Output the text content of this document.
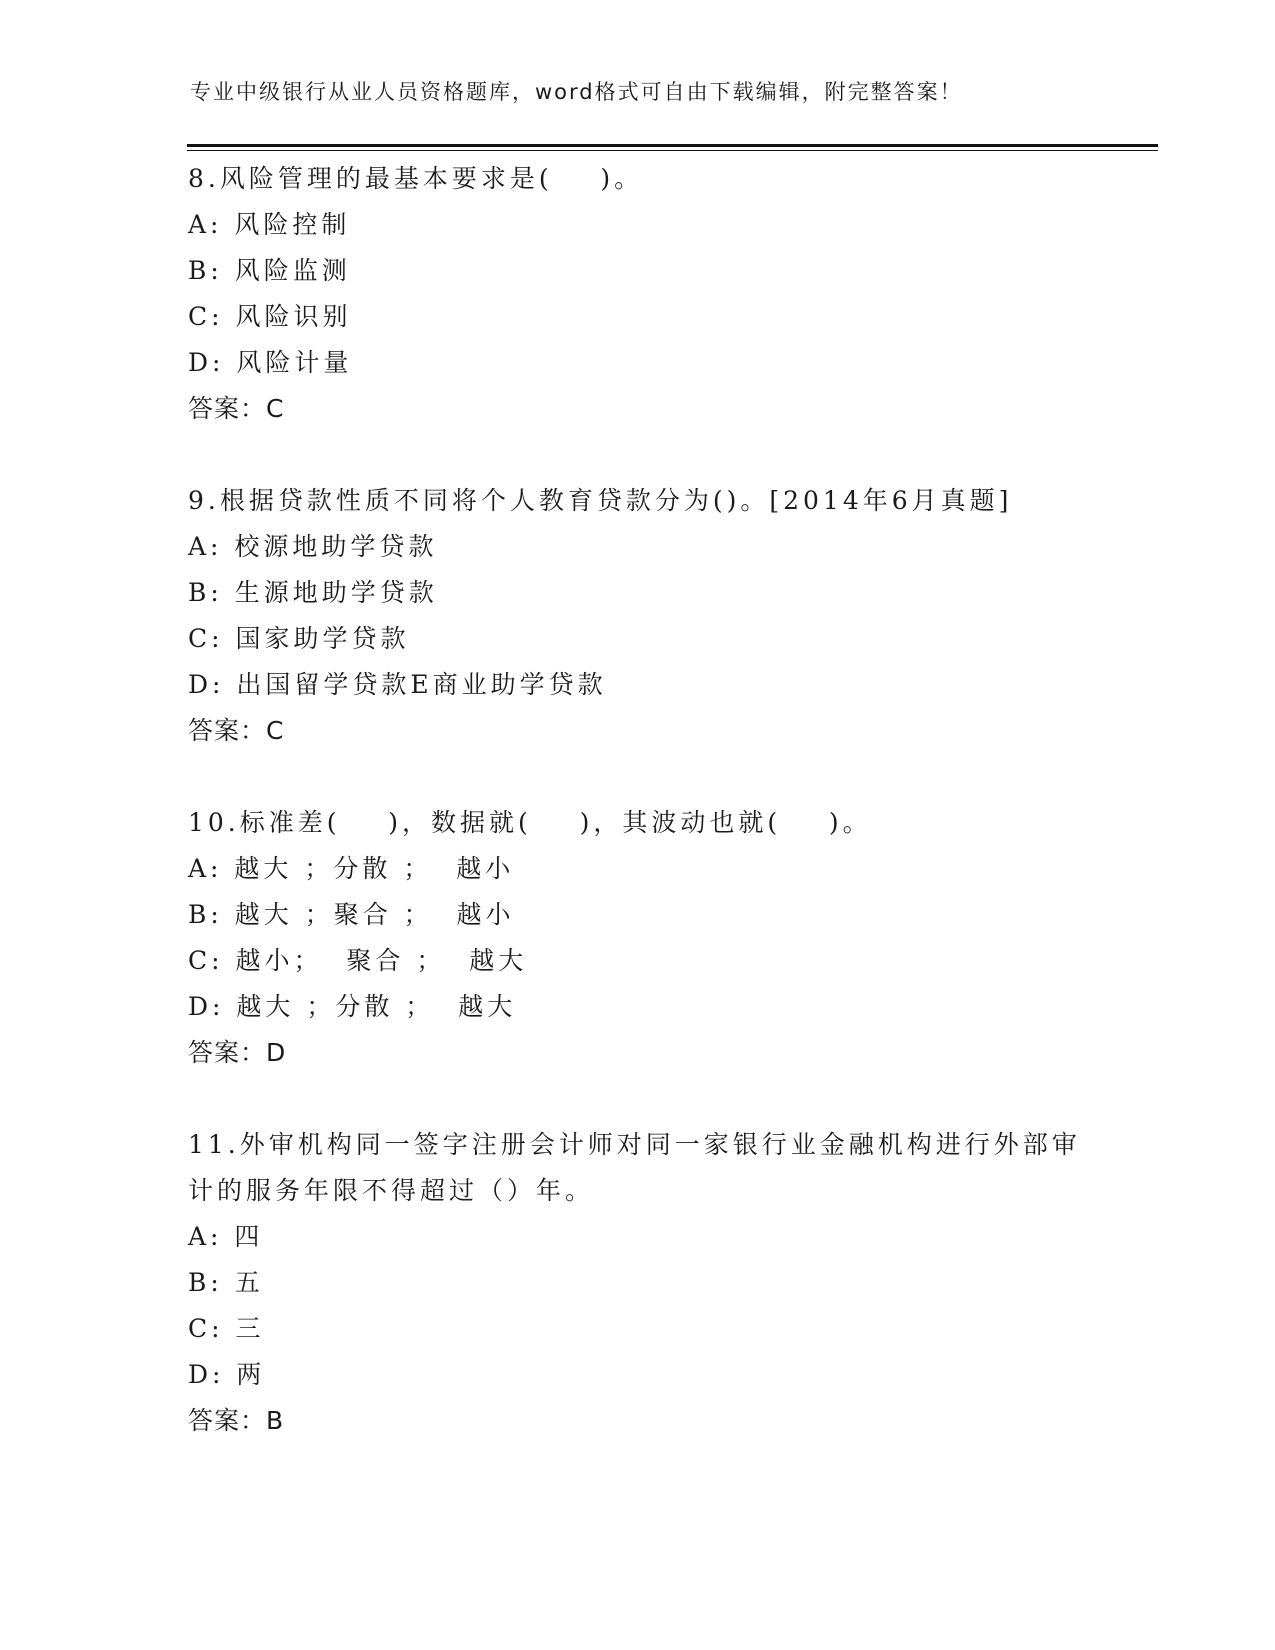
专业中级银行从业人员资格题库，word格式可自由下载编辑，附完整答案！
8.风险管理的最基本要求是(    )。
A: 风险控制
B: 风险监测
C: 风险识别
D: 风险计量
答案：C
9.根据贷款性质不同将个人教育贷款分为()。[2014年6月真题]
A: 校源地助学贷款
B: 生源地助学贷款
C: 国家助学贷款
D: 出国留学贷款E商业助学贷款
答案：C
10.标准差(    )，数据就(    )，其波动也就(    )。
A: 越大 ；分散 ；  越小
B: 越大 ；聚合 ；  越小
C: 越小；  聚合 ；  越大
D: 越大 ；分散 ；  越大
答案：D
11.外审机构同一签字注册会计师对同一家银行业金融机构进行外部审
计的服务年限不得超过（）年。
A: 四
B: 五
C: 三
D: 两
答案：B
